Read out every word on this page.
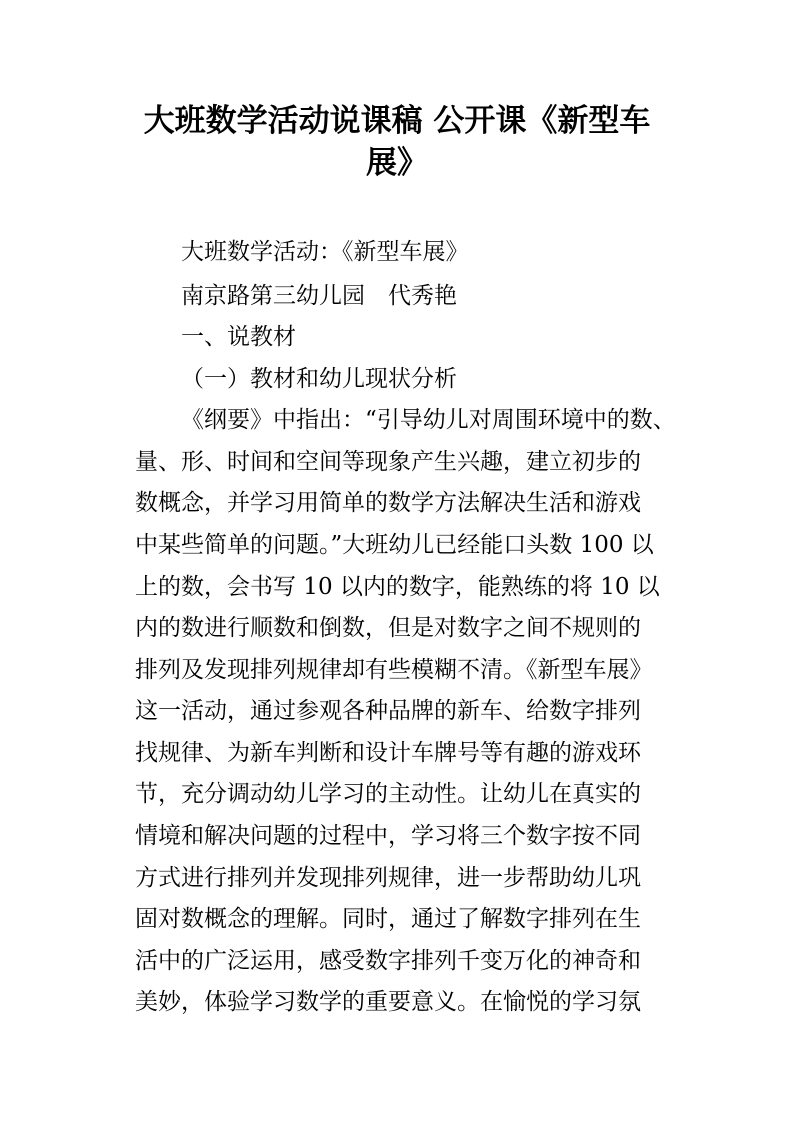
大班数学活动说课稿 公开课《新型车
展》

大班数学活动：《新型车展》

南京路第三幼儿园　代秀艳

一、说教材

（一）教材和幼儿现状分析

《纲要》中指出：“引导幼儿对周围环境中的数、

量、形、时间和空间等现象产生兴趣，建立初步的

数概念，并学习用简单的数学方法解决生活和游戏

中某些简单的问题。”大班幼儿已经能口头数 100 以

上的数，会书写 10 以内的数字，能熟练的将 10 以

内的数进行顺数和倒数，但是对数字之间不规则的

排列及发现排列规律却有些模糊不清。《新型车展》

这一活动，通过参观各种品牌的新车、给数字排列

找规律、为新车判断和设计车牌号等有趣的游戏环

节，充分调动幼儿学习的主动性。让幼儿在真实的

情境和解决问题的过程中，学习将三个数字按不同

方式进行排列并发现排列规律，进一步帮助幼儿巩

固对数概念的理解。同时，通过了解数字排列在生

活中的广泛运用，感受数字排列千变万化的神奇和

美妙，体验学习数学的重要意义。在愉悦的学习氛
